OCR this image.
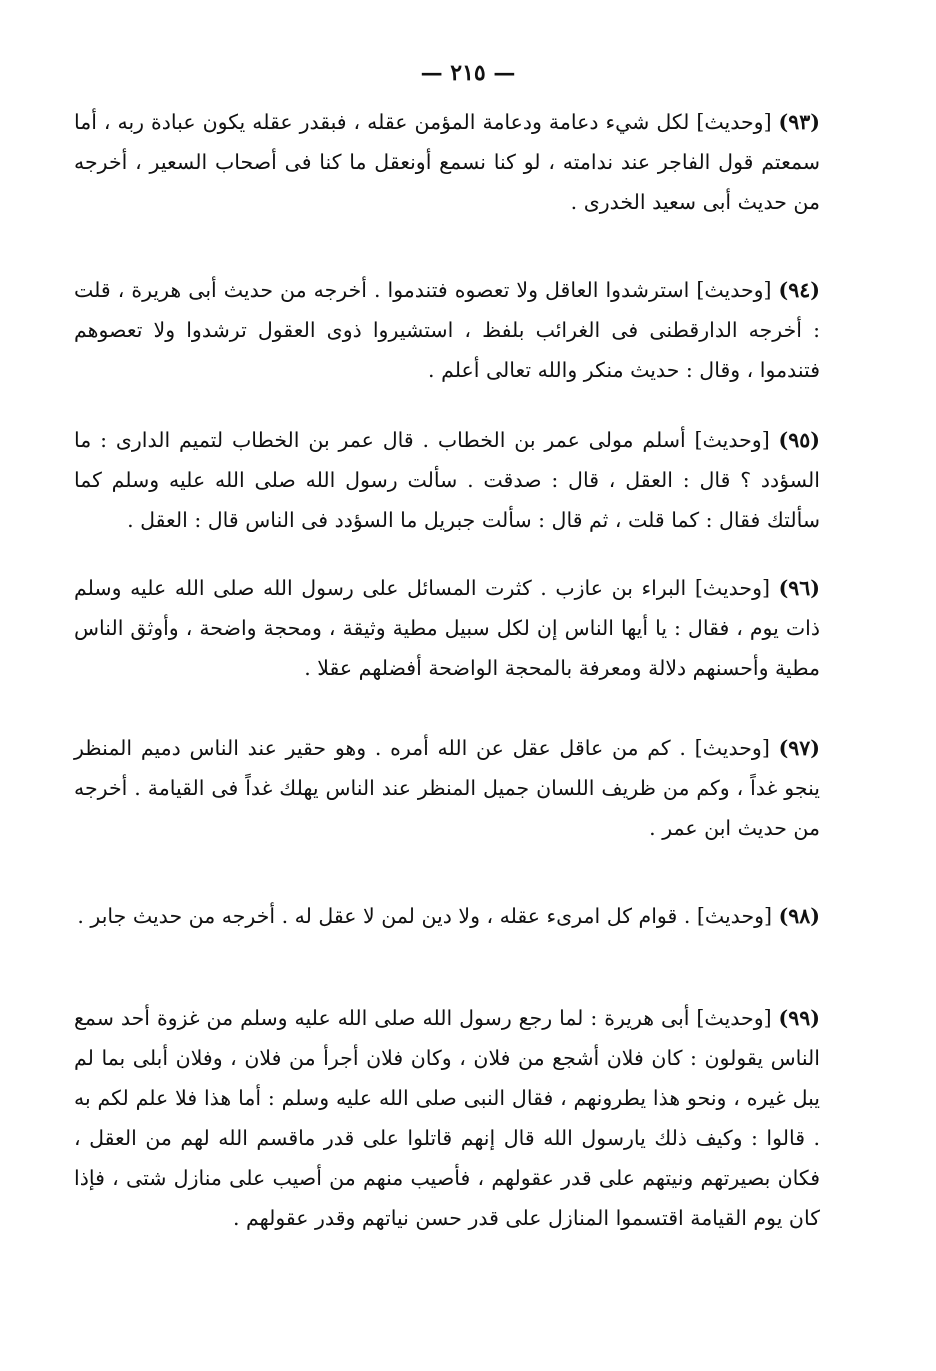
— ٢١٥ —

(٩٣) [وحديث] لكل شيء دعامة ودعامة المؤمن عقله ، فبقدر عقله يكون عبادة ربه ، أما سمعتم قول الفاجر عند ندامته ، لو كنا نسمع أونعقل ما كنا فى أصحاب السعير ، أخرجه من حديث أبى سعيد الخدرى .

(٩٤) [وحديث] استرشدوا العاقل ولا تعصوه فتندموا . أخرجه من حديث أبى هريرة ، قلت : أخرجه الدارقطنى فى الغرائب بلفظ ، استشيروا ذوى العقول ترشدوا ولا تعصوهم فتندموا ، وقال : حديث منكر والله تعالى أعلم .

(٩٥) [وحديث] أسلم مولى عمر بن الخطاب . قال عمر بن الخطاب لتميم الدارى : ما السؤدد ؟ قال : العقل ، قال : صدقت . سألت رسول الله صلى الله عليه وسلم كما سألتك فقال : كما قلت ، ثم قال : سألت جبريل ما السؤدد فى الناس قال : العقل .

(٩٦) [وحديث] البراء بن عازب . كثرت المسائل على رسول الله صلى الله عليه وسلم ذات يوم ، فقال : يا أيها الناس إن لكل سبيل مطية وثيقة ، ومحجة واضحة ، وأوثق الناس مطية وأحسنهم دلالة ومعرفة بالمحجة الواضحة أفضلهم عقلا .

(٩٧) [وحديث] . كم من عاقل عقل عن الله أمره . وهو حقير عند الناس دميم المنظر ينجو غداً ، وكم من ظريف اللسان جميل المنظر عند الناس يهلك غداً فى القيامة . أخرجه من حديث ابن عمر .

(٩٨) [وحديث] . قوام كل امرىء عقله ، ولا دين لمن لا عقل له . أخرجه من حديث جابر .

(٩٩) [وحديث] أبى هريرة : لما رجع رسول الله صلى الله عليه وسلم من غزوة أحد سمع الناس يقولون : كان فلان أشجع من فلان ، وكان فلان أجرأ من فلان ، وفلان أبلى بما لم يبل غيره ، ونحو هذا يطرونهم ، فقال النبى صلى الله عليه وسلم : أما هذا فلا علم لكم به . قالوا : وكيف ذلك يارسول الله قال إنهم قاتلوا على قدر ماقسم الله لهم من العقل ، فكان بصيرتهم ونيتهم على قدر عقولهم ، فأصيب منهم من أصيب على منازل شتى ، فإذا كان يوم القيامة اقتسموا المنازل على قدر حسن نياتهم وقدر عقولهم .
